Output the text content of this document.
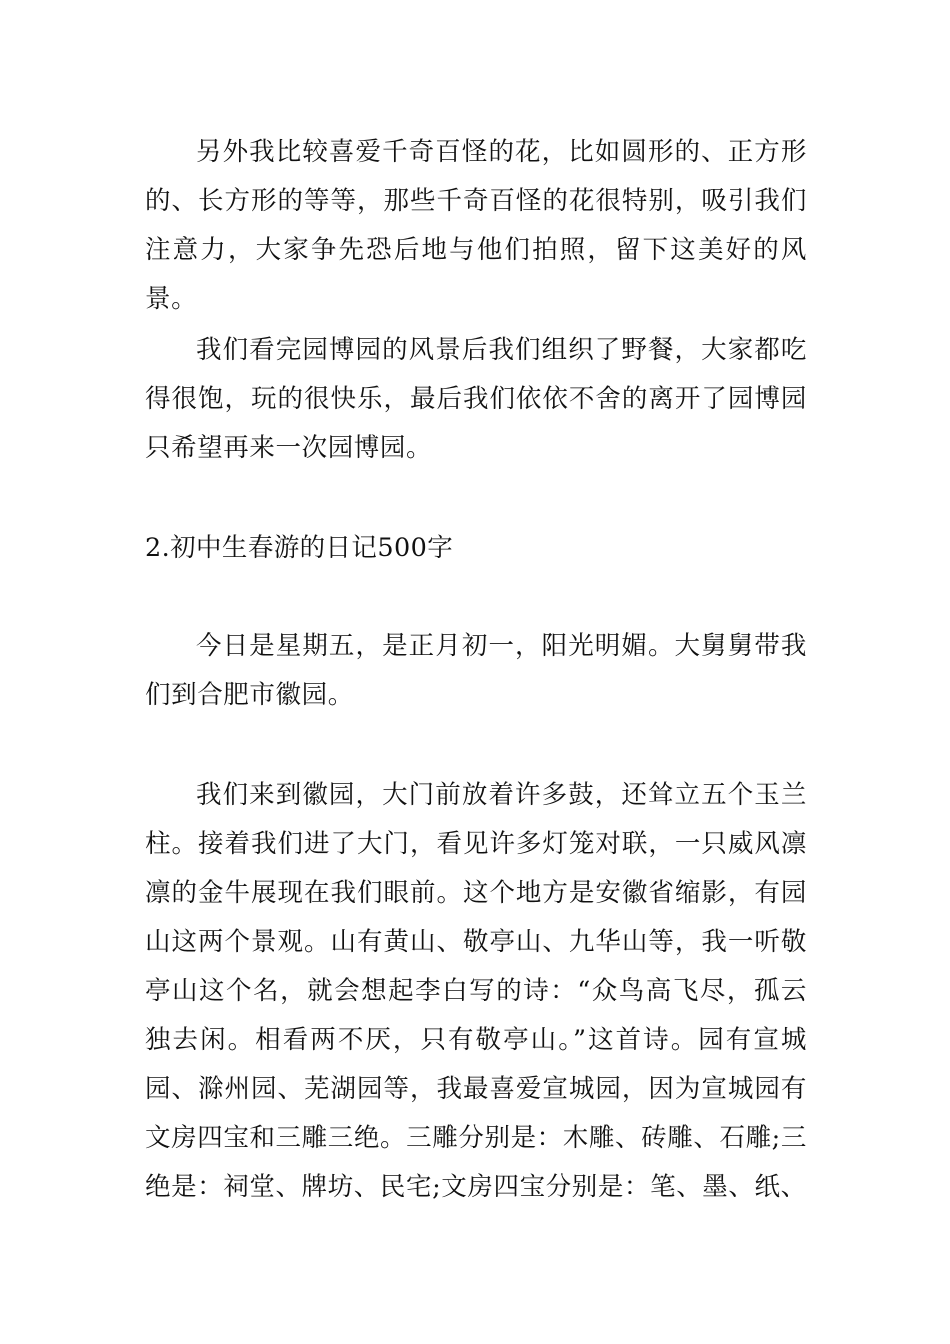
另外我比较喜爱千奇百怪的花，比如圆形的、正方形的、长方形的等等，那些千奇百怪的花很特别，吸引我们注意力，大家争先恐后地与他们拍照，留下这美好的风景。

我们看完园博园的风景后我们组织了野餐，大家都吃得很饱，玩的很快乐，最后我们依依不舍的离开了园博园只希望再来一次园博园。

2.初中生春游的日记500字

今日是星期五，是正月初一，阳光明媚。大舅舅带我们到合肥市徽园。

我们来到徽园，大门前放着许多鼓，还耸立五个玉兰柱。接着我们进了大门，看见许多灯笼对联，一只威风凛凛的金牛展现在我们眼前。这个地方是安徽省缩影，有园山这两个景观。山有黄山、敬亭山、九华山等，我一听敬亭山这个名，就会想起李白写的诗：“众鸟高飞尽，孤云独去闲。相看两不厌，只有敬亭山。”这首诗。园有宣城园、滁州园、芜湖园等，我最喜爱宣城园，因为宣城园有文房四宝和三雕三绝。三雕分别是：木雕、砖雕、石雕;三绝是：祠堂、牌坊、民宅;文房四宝分别是：笔、墨、纸、
